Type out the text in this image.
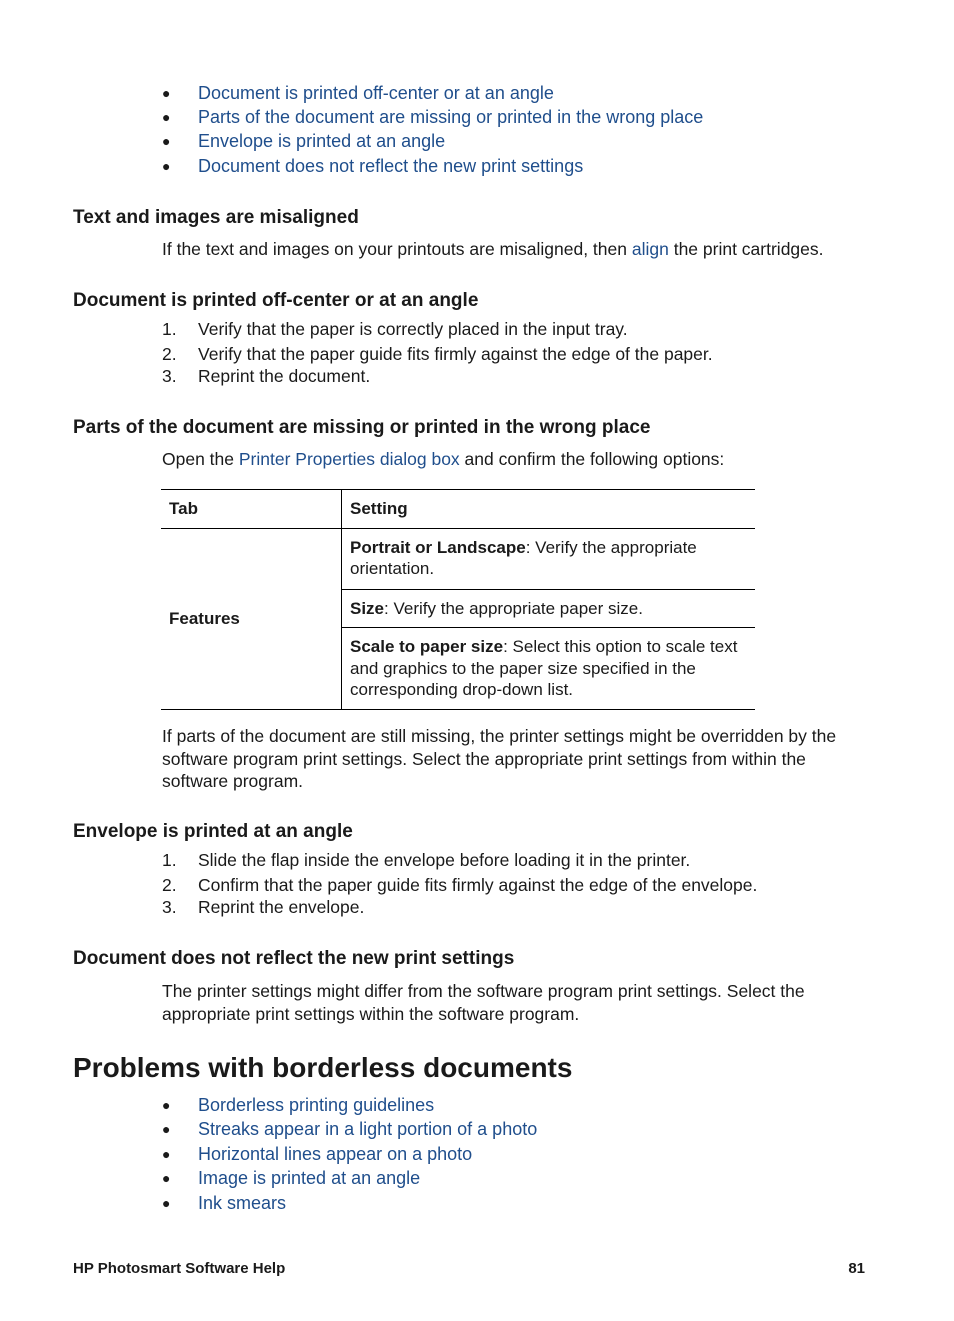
● Document is printed off-center or at an angle
● Parts of the document are missing or printed in the wrong place
● Envelope is printed at an angle
● Document does not reflect the new print settings
Text and images are misaligned
If the text and images on your printouts are misaligned, then align the print cartridges.
Document is printed off-center or at an angle
1. Verify that the paper is correctly placed in the input tray.
2. Verify that the paper guide fits firmly against the edge of the paper.
3. Reprint the document.
Parts of the document are missing or printed in the wrong place
Open the Printer Properties dialog box and confirm the following options:
Tab	Setting
Features	Portrait or Landscape: Verify the appropriate orientation.
	Size: Verify the appropriate paper size.
	Scale to paper size: Select this option to scale text and graphics to the paper size specified in the corresponding drop-down list.
If parts of the document are still missing, the printer settings might be overridden by the software program print settings. Select the appropriate print settings from within the software program.
Envelope is printed at an angle
1. Slide the flap inside the envelope before loading it in the printer.
2. Confirm that the paper guide fits firmly against the edge of the envelope.
3. Reprint the envelope.
Document does not reflect the new print settings
The printer settings might differ from the software program print settings. Select the appropriate print settings within the software program.
Problems with borderless documents
● Borderless printing guidelines
● Streaks appear in a light portion of a photo
● Horizontal lines appear on a photo
● Image is printed at an angle
● Ink smears
HP Photosmart Software Help	81
